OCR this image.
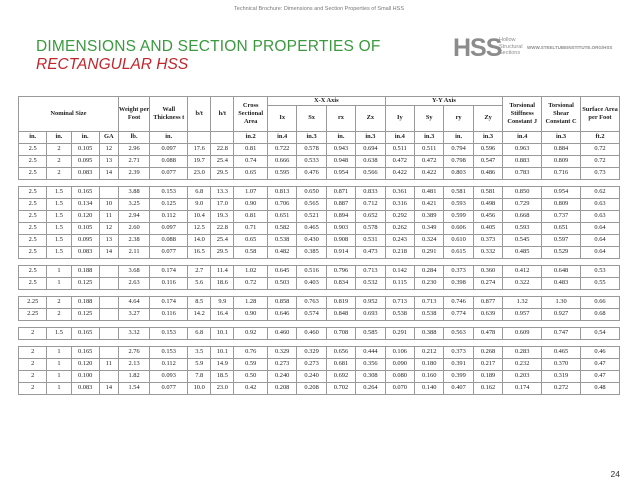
Technical Brochure: Dimensions and Section Properties of Small HSS
DIMENSIONS AND SECTION PROPERTIES OF
RECTANGULAR HSS
HSS
Hollow
Structural
Sections
WWW.STEELTUBEINSTITUTE.ORG/HSS
Nominal Size				Weight per Foot	Wall Thickness t	b/t	h/t	Cross Sectional Area	X-X Axis				Y-Y Axis				Torsional Stiffness Constant J	Torsional Shear Constant C	Surface Area per Foot
									Ix	Sx	rx	Zx	Iy	Sy	ry	Zy			
in.	in.	in.	GA	lb.	in.			in.2	in.4	in.3	in.	in.3	in.4	in.3	in.	in.3	in.4	in.3	ft.2
2.5	2	0.105	12	2.96	0.097	17.6	22.8	0.81	0.722	0.578	0.943	0.694	0.511	0.511	0.794	0.596	0.963	0.884	0.72
2.5	2	0.095	13	2.71	0.088	19.7	25.4	0.74	0.666	0.533	0.948	0.638	0.472	0.472	0.798	0.547	0.883	0.809	0.72
2.5	2	0.083	14	2.39	0.077	23.0	29.5	0.65	0.595	0.476	0.954	0.566	0.422	0.422	0.803	0.486	0.783	0.716	0.73

2.5	1.5	0.165		3.88	0.153	6.8	13.3	1.07	0.813	0.650	0.871	0.833	0.361	0.481	0.581	0.581	0.850	0.954	0.62
2.5	1.5	0.134	10	3.25	0.125	9.0	17.0	0.90	0.706	0.565	0.887	0.712	0.316	0.421	0.593	0.498	0.729	0.809	0.63
2.5	1.5	0.120	11	2.94	0.112	10.4	19.3	0.81	0.651	0.521	0.894	0.652	0.292	0.389	0.599	0.456	0.668	0.737	0.63
2.5	1.5	0.105	12	2.60	0.097	12.5	22.8	0.71	0.582	0.465	0.903	0.578	0.262	0.349	0.606	0.405	0.593	0.651	0.64
2.5	1.5	0.095	13	2.38	0.088	14.0	25.4	0.65	0.538	0.430	0.908	0.531	0.243	0.324	0.610	0.373	0.545	0.597	0.64
2.5	1.5	0.083	14	2.11	0.077	16.5	29.5	0.58	0.482	0.385	0.914	0.473	0.218	0.291	0.615	0.332	0.485	0.529	0.64

2.5	1	0.188		3.68	0.174	2.7	11.4	1.02	0.645	0.516	0.796	0.713	0.142	0.284	0.373	0.360	0.412	0.648	0.53
2.5	1	0.125		2.63	0.116	5.6	18.6	0.72	0.503	0.403	0.834	0.532	0.115	0.230	0.398	0.274	0.322	0.483	0.55

2.25	2	0.188		4.64	0.174	8.5	9.9	1.28	0.858	0.763	0.819	0.952	0.713	0.713	0.746	0.877	1.32	1.30	0.66
2.25	2	0.125		3.27	0.116	14.2	16.4	0.90	0.646	0.574	0.848	0.693	0.538	0.538	0.774	0.639	0.957	0.927	0.68

2	1.5	0.165		3.32	0.153	6.8	10.1	0.92	0.460	0.460	0.708	0.585	0.291	0.388	0.563	0.478	0.609	0.747	0.54

2	1	0.165		2.76	0.153	3.5	10.1	0.76	0.329	0.329	0.656	0.444	0.106	0.212	0.373	0.268	0.283	0.465	0.46
2	1	0.120	11	2.13	0.112	5.9	14.9	0.59	0.273	0.273	0.681	0.356	0.090	0.180	0.391	0.217	0.232	0.370	0.47
2	1	0.100		1.82	0.093	7.8	18.5	0.50	0.240	0.240	0.692	0.308	0.080	0.160	0.399	0.189	0.203	0.319	0.47
2	1	0.083	14	1.54	0.077	10.0	23.0	0.42	0.208	0.208	0.702	0.264	0.070	0.140	0.407	0.162	0.174	0.272	0.48
24
